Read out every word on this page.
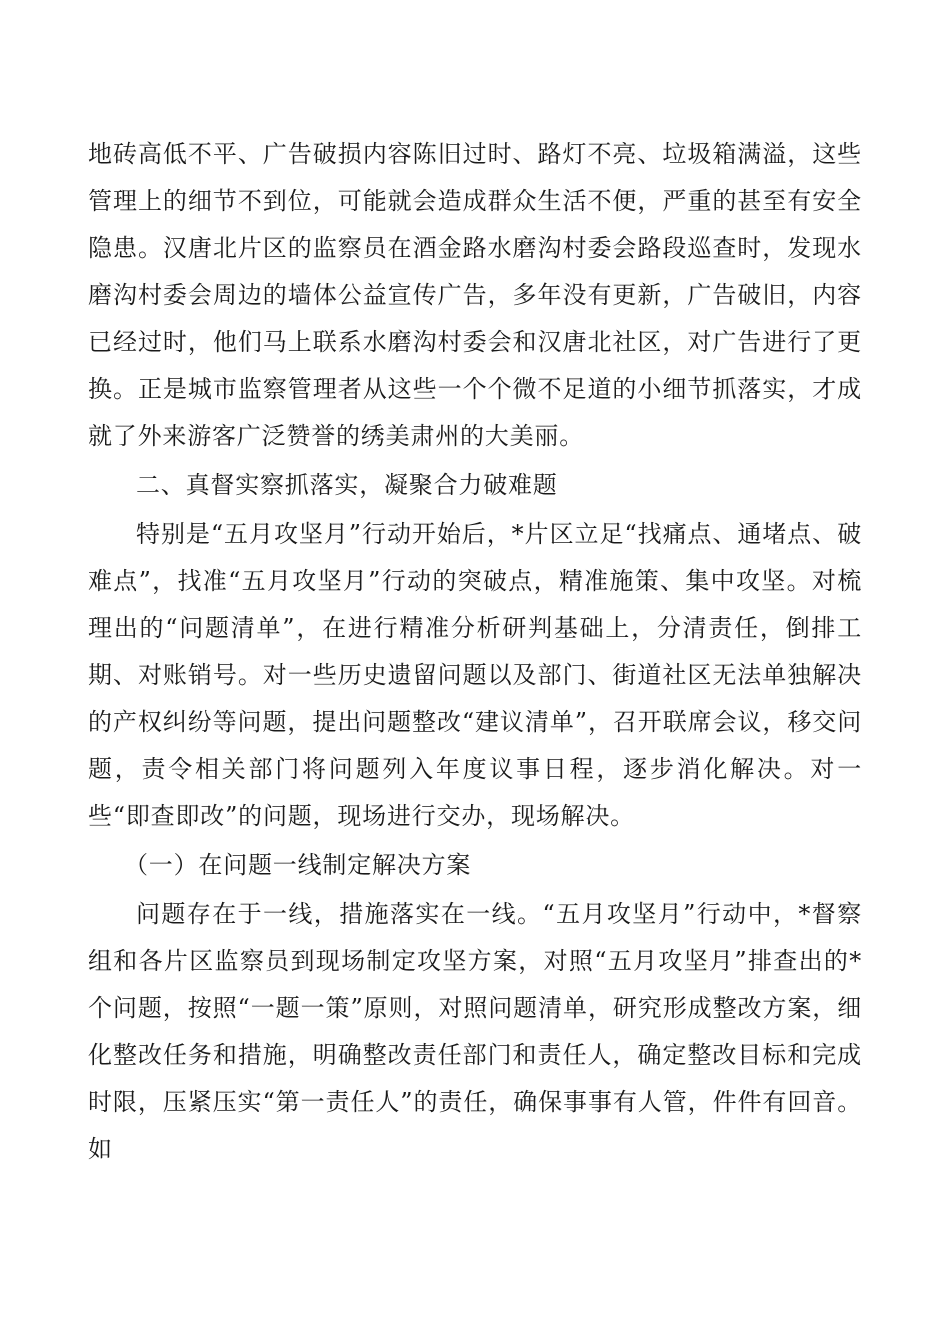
地砖高低不平、广告破损内容陈旧过时、路灯不亮、垃圾箱满溢，这些管理上的细节不到位，可能就会造成群众生活不便，严重的甚至有安全隐患。汉唐北片区的监察员在酒金路水磨沟村委会路段巡查时，发现水磨沟村委会周边的墙体公益宣传广告，多年没有更新，广告破旧，内容已经过时，他们马上联系水磨沟村委会和汉唐北社区，对广告进行了更换。正是城市监察管理者从这些一个个微不足道的小细节抓落实，才成就了外来游客广泛赞誉的绣美肃州的大美丽。

二、真督实察抓落实，凝聚合力破难题

特别是“五月攻坚月”行动开始后，*片区立足“找痛点、通堵点、破难点”，找准“五月攻坚月”行动的突破点，精准施策、集中攻坚。对梳理出的“问题清单”，在进行精准分析研判基础上，分清责任，倒排工期、对账销号。对一些历史遗留问题以及部门、街道社区无法单独解决的产权纠纷等问题，提出问题整改“建议清单”，召开联席会议，移交问题，责令相关部门将问题列入年度议事日程，逐步消化解决。对一些“即查即改”的问题，现场进行交办，现场解决。

（一）在问题一线制定解决方案

问题存在于一线，措施落实在一线。“五月攻坚月”行动中，*督察组和各片区监察员到现场制定攻坚方案，对照“五月攻坚月”排查出的*个问题，按照“一题一策”原则，对照问题清单，研究形成整改方案，细化整改任务和措施，明确整改责任部门和责任人，确定整改目标和完成时限，压紧压实“第一责任人”的责任，确保事事有人管，件件有回音。如
